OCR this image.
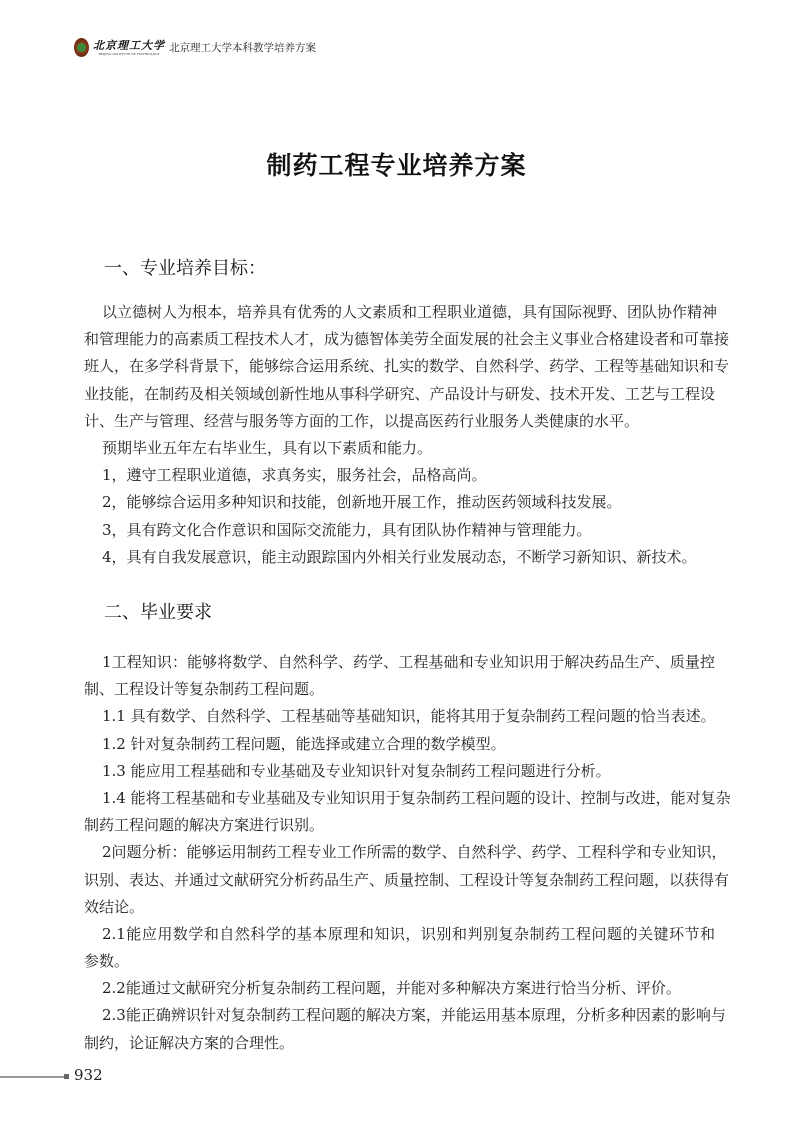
北京理工大学
BEIJING INSTITUTE OF TECHNOLOGY 北京理工大学本科教学培养方案
制药工程专业培养方案
一、专业培养目标：
以立德树人为根本，培养具有优秀的人文素质和工程职业道德，具有国际视野、团队协作精神
和管理能力的高素质工程技术人才，成为德智体美劳全面发展的社会主义事业合格建设者和可靠接
班人，在多学科背景下，能够综合运用系统、扎实的数学、自然科学、药学、工程等基础知识和专
业技能，在制药及相关领域创新性地从事科学研究、产品设计与研发、技术开发、工艺与工程设
计、生产与管理、经营与服务等方面的工作，以提高医药行业服务人类健康的水平。
预期毕业五年左右毕业生，具有以下素质和能力。
1，遵守工程职业道德，求真务实，服务社会，品格高尚。
2，能够综合运用多种知识和技能，创新地开展工作，推动医药领域科技发展。
3，具有跨文化合作意识和国际交流能力，具有团队协作精神与管理能力。
4，具有自我发展意识，能主动跟踪国内外相关行业发展动态，不断学习新知识、新技术。
二、毕业要求
1工程知识：能够将数学、自然科学、药学、工程基础和专业知识用于解决药品生产、质量控
制、工程设计等复杂制药工程问题。
1.1 具有数学、自然科学、工程基础等基础知识，能将其用于复杂制药工程问题的恰当表述。
1.2 针对复杂制药工程问题，能选择或建立合理的数学模型。
1.3 能应用工程基础和专业基础及专业知识针对复杂制药工程问题进行分析。
1.4 能将工程基础和专业基础及专业知识用于复杂制药工程问题的设计、控制与改进，能对复杂
制药工程问题的解决方案进行识别。
2问题分析：能够运用制药工程专业工作所需的数学、自然科学、药学、工程科学和专业知识，
识别、表达、并通过文献研究分析药品生产、质量控制、工程设计等复杂制药工程问题，以获得有
效结论。
2.1能应用数学和自然科学的基本原理和知识，识别和判别复杂制药工程问题的关键环节和
参数。
2.2能通过文献研究分析复杂制药工程问题，并能对多种解决方案进行恰当分析、评价。
2.3能正确辨识针对复杂制药工程问题的解决方案，并能运用基本原理，分析多种因素的影响与
制约，论证解决方案的合理性。
932
